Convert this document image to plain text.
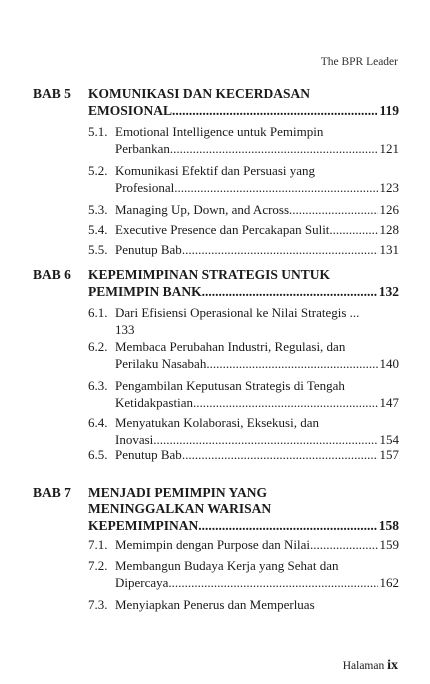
The BPR Leader
BAB 5 KOMUNIKASI DAN KECERDASAN
EMOSIONAL .....	119
5.1. Emotional Intelligence untuk Pemimpin
Perbankan .....	121
5.2. Komunikasi Efektif dan Persuasi yang
Profesional .....	123
5.3. Managing Up, Down, and Across .....	126
5.4. Executive Presence dan Percakapan Sulit .....	128
5.5. Penutup Bab .....	131
BAB 6 KEPEMIMPINAN STRATEGIS UNTUK
PEMIMPIN BANK .....	132
6.1. Dari Efisiensi Operasional ke Nilai Strategis ...
133
6.2. Membaca Perubahan Industri, Regulasi, dan
Perilaku Nasabah .....	140
6.3. Pengambilan Keputusan Strategis di Tengah
Ketidakpastian .....	147
6.4. Menyatukan Kolaborasi, Eksekusi, dan
Inovasi .....	154
6.5. Penutup Bab .....	157
BAB 7 MENJADI PEMIMPIN YANG
MENINGGALKAN WARISAN
KEPEMIMPINAN .....	158
7.1. Memimpin dengan Purpose dan Nilai .....	159
7.2. Membangun Budaya Kerja yang Sehat dan
Dipercaya .....	162
7.3. Menyiapkan Penerus dan Memperluas
Halaman ix
